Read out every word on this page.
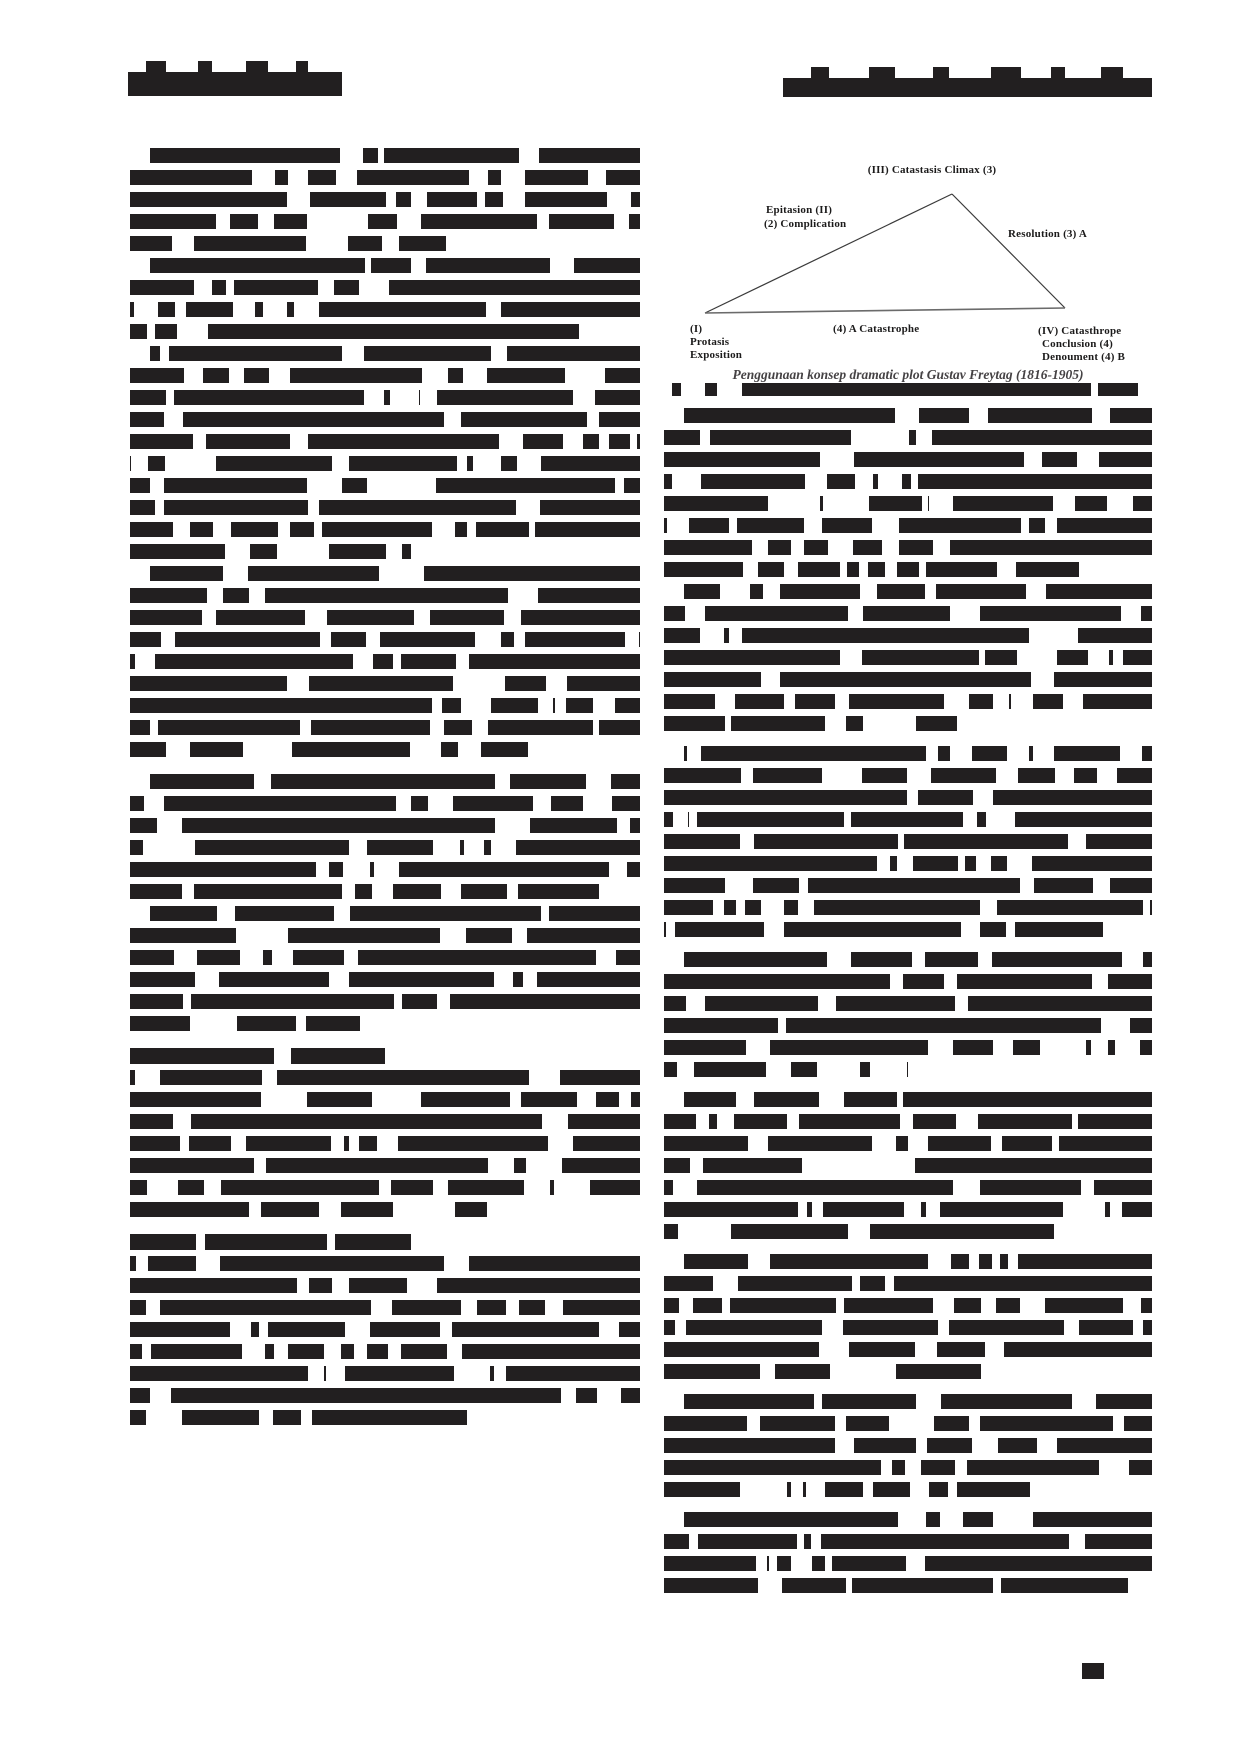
(III) Catastasis Climax (3)
Epitasion (II)
(2) Complication
Resolution (3) A
(I)
Protasis
Exposition
(4) A Catastrophe	(IV) Catasthrope
Conclusion (4)
Denoument (4) B
Penggunaan konsep dramatic plot Gustav Freytag (1816-1905)
